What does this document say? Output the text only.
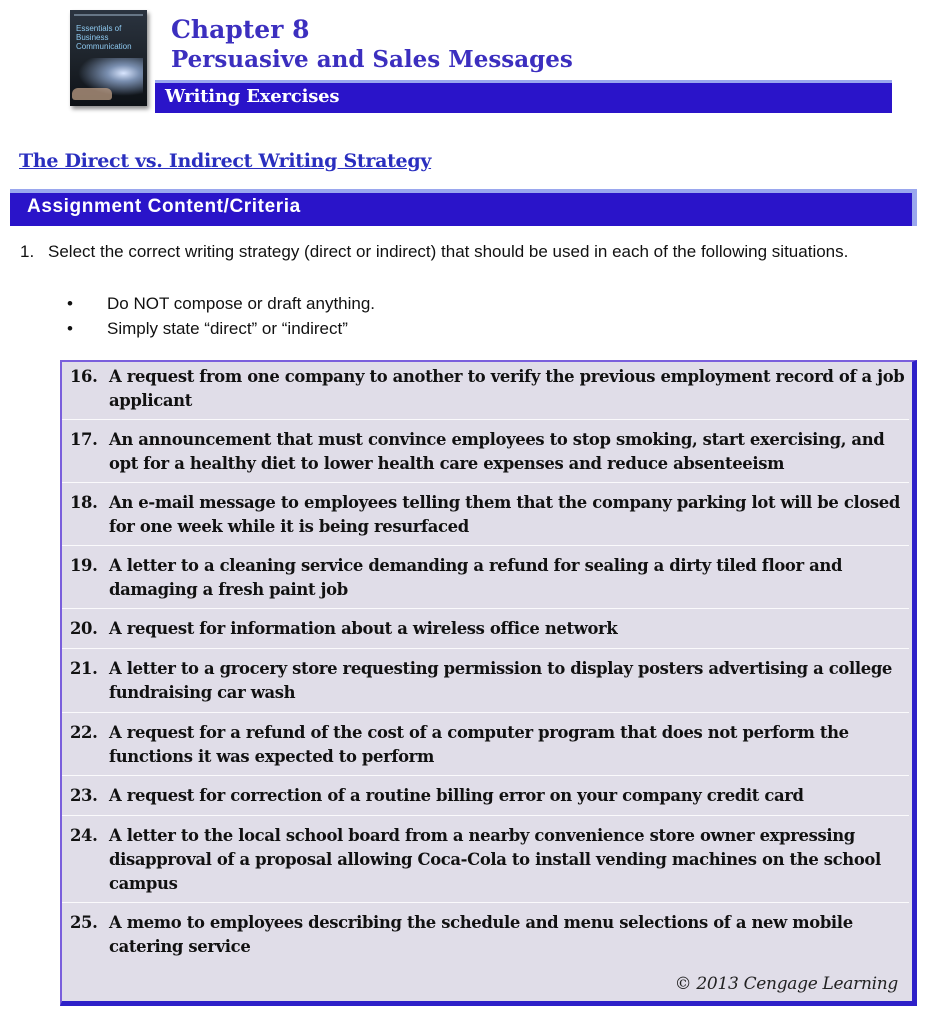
Essentials of Business Communication
Chapter 8
Persuasive and Sales Messages
Writing Exercises
The Direct vs. Indirect Writing Strategy
Assignment Content/Criteria
1. Select the correct writing strategy (direct or indirect) that should be used in each of the following situations.
• Do NOT compose or draft anything.
• Simply state “direct” or “indirect”
16. A request from one company to another to verify the previous employment record of a job applicant
17. An announcement that must convince employees to stop smoking, start exercising, and opt for a healthy diet to lower health care expenses and reduce absenteeism
18. An e-mail message to employees telling them that the company parking lot will be closed for one week while it is being resurfaced
19. A letter to a cleaning service demanding a refund for sealing a dirty tiled floor and damaging a fresh paint job
20. A request for information about a wireless office network
21. A letter to a grocery store requesting permission to display posters advertising a college fundraising car wash
22. A request for a refund of the cost of a computer program that does not perform the functions it was expected to perform
23. A request for correction of a routine billing error on your company credit card
24. A letter to the local school board from a nearby convenience store owner expressing disapproval of a proposal allowing Coca-Cola to install vending machines on the school campus
25. A memo to employees describing the schedule and menu selections of a new mobile catering service
© 2013 Cengage Learning
